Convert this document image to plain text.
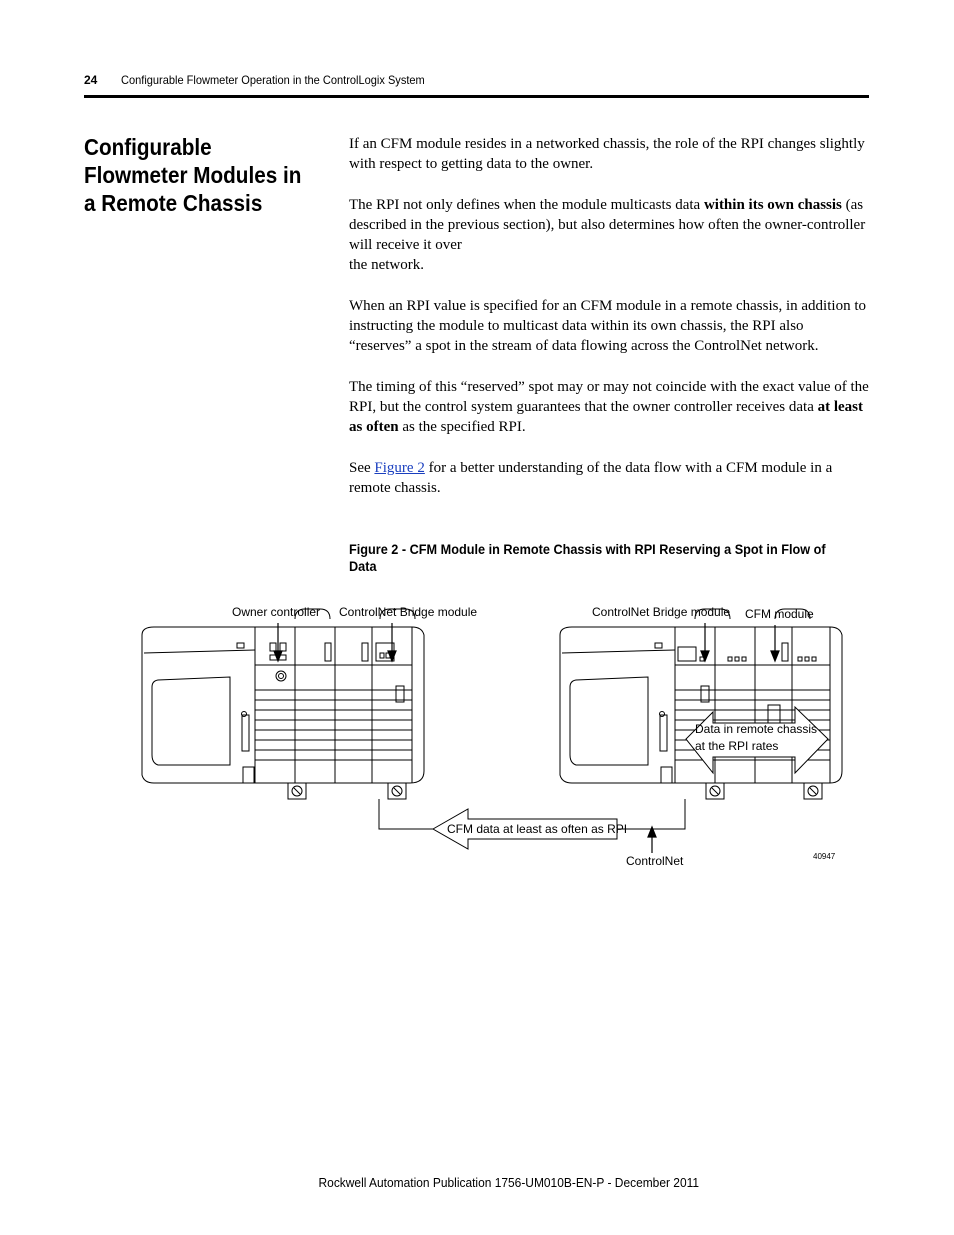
24 Configurable Flowmeter Operation in the ControlLogix System
Configurable Flowmeter Modules in a Remote Chassis

If an CFM module resides in a networked chassis, the role of the RPI changes slightly with respect to getting data to the owner.

The RPI not only defines when the module multicasts data within its own chassis (as described in the previous section), but also determines how often the owner-controller will receive it over
the network.

When an RPI value is specified for an CFM module in a remote chassis, in addition to instructing the module to multicast data within its own chassis, the RPI also “reserves” a spot in the stream of data flowing across the ControlNet network.

The timing of this “reserved” spot may or may not coincide with the exact value of the RPI, but the control system guarantees that the owner controller receives data at least as often as the specified RPI.

See Figure 2 for a better understanding of the data flow with a CFM module in a remote chassis.

Figure 2 - CFM Module in Remote Chassis with RPI Reserving a Spot in Flow of Data
Owner controller ControlNet Bridge module	ControlNet Bridge module CFM module
Data in remote chassis
at the RPI rates
CFM data at least as often as RPI
ControlNet	40947
Rockwell Automation Publication 1756-UM010B-EN-P - December 2011
